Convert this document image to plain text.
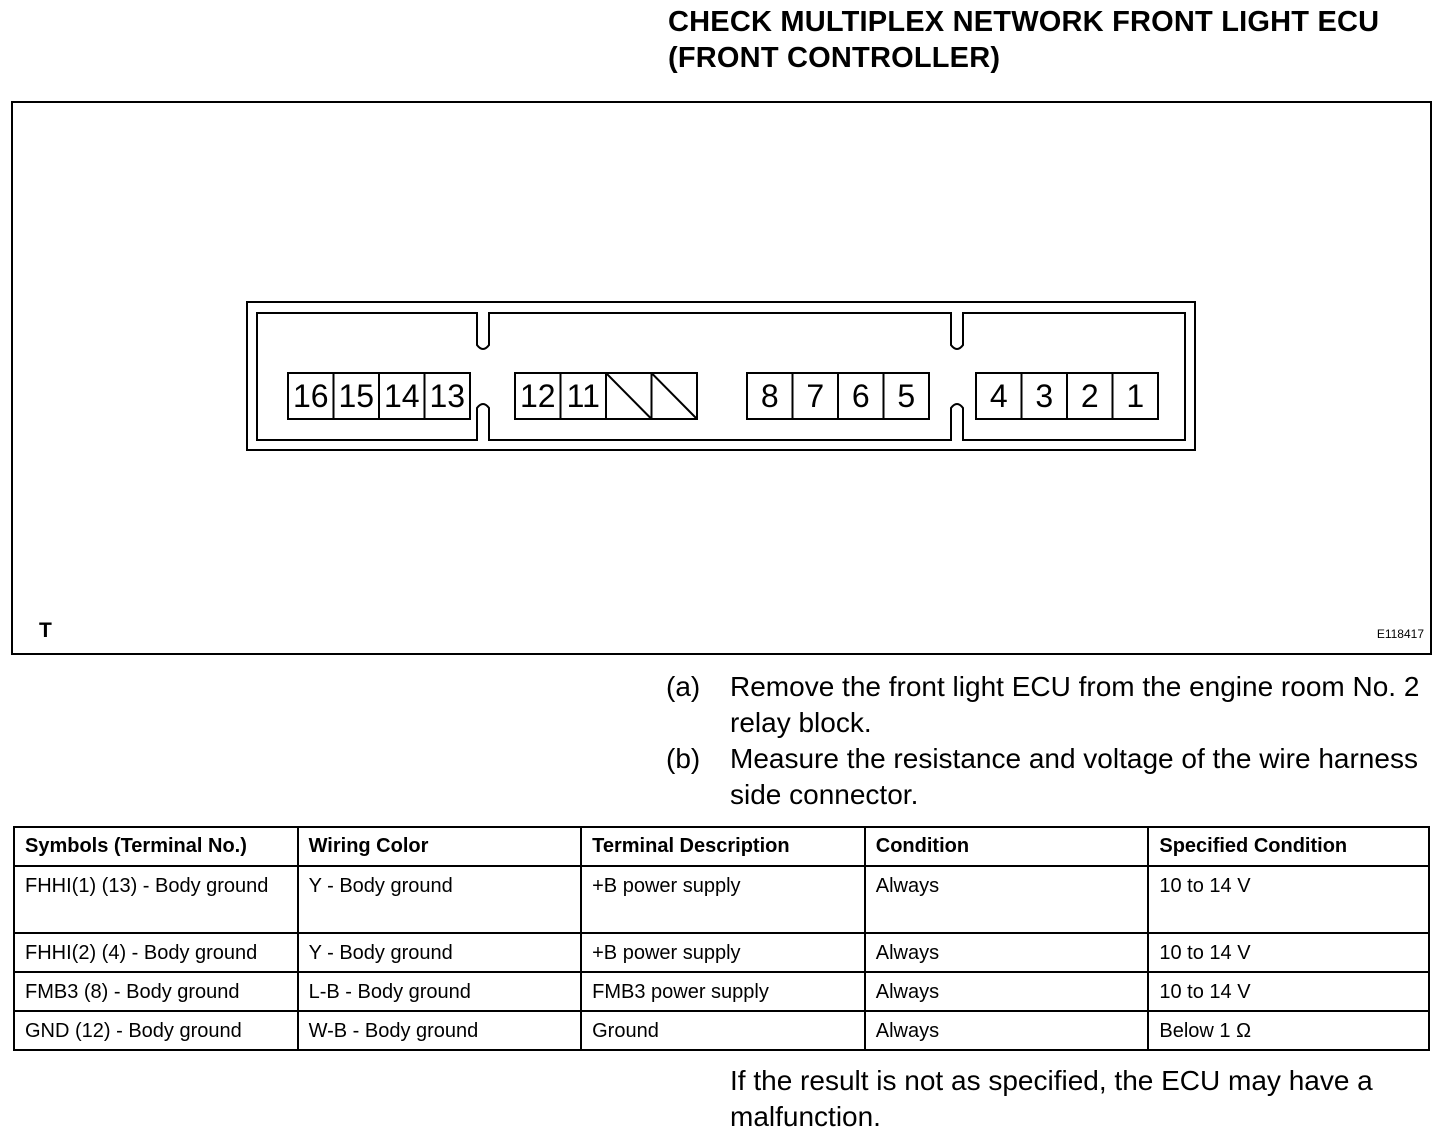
CHECK MULTIPLEX NETWORK FRONT LIGHT ECU
(FRONT CONTROLLER)
16 15 14 13 12 11	8 7 6 5 4 3 2 1
T	E118417
(a)	Remove the front light ECU from the engine room No. 2 relay block.
(b)	Measure the resistance and voltage of the wire harness side connector.
Symbols (Terminal No.)	Wiring Color	Terminal Description	Condition	Specified Condition
FHHI(1) (13) - Body ground	Y - Body ground	+B power supply	Always	10 to 14 V
FHHI(2) (4) - Body ground	Y - Body ground	+B power supply	Always	10 to 14 V
FMB3 (8) - Body ground	L-B - Body ground	FMB3 power supply	Always	10 to 14 V
GND (12) - Body ground	W-B - Body ground	Ground	Always	Below 1 Ω
If the result is not as specified, the ECU may have a malfunction.
